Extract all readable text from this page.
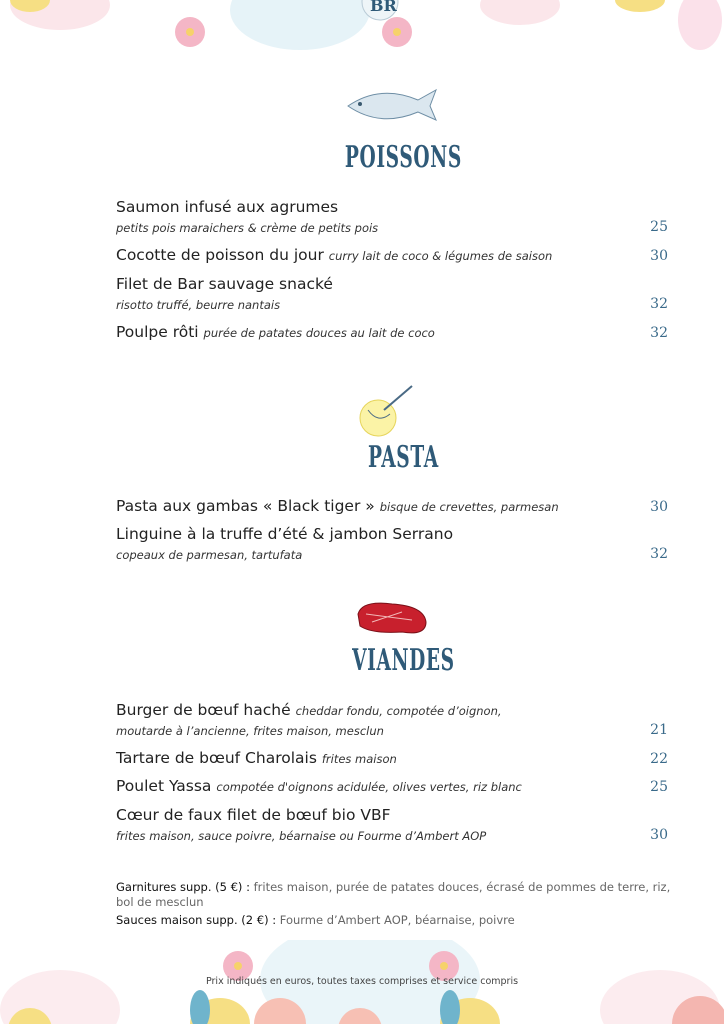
BR
POISSONS
Saumon infusé aux agrumes
petits pois maraichers & crème de petits pois	25
Cocotte de poisson du jour curry lait de coco & légumes de saison	30
Filet de Bar sauvage snacké
risotto truffé, beurre nantais	32
Poulpe rôti purée de patates douces au lait de coco	32
PASTA
Pasta aux gambas « Black tiger » bisque de crevettes, parmesan	30
Linguine à la truffe d’été & jambon Serrano
copeaux de parmesan, tartufata	32
VIANDES
Burger de bœuf haché cheddar fondu, compotée d’oignon,
moutarde à l’ancienne, frites maison, mesclun	21
Tartare de bœuf Charolais frites maison	22
Poulet Yassa compotée d'oignons acidulée, olives vertes, riz blanc	25
Cœur de faux filet de bœuf bio VBF
frites maison, sauce poivre, béarnaise ou Fourme d’Ambert AOP	30
Garnitures supp. (5 €) : frites maison, purée de patates douces, écrasé de pommes de terre, riz, bol de mesclun
Sauces maison supp. (2 €) : Fourme d’Ambert AOP, béarnaise, poivre
Prix indiqués en euros, toutes taxes comprises et service compris
